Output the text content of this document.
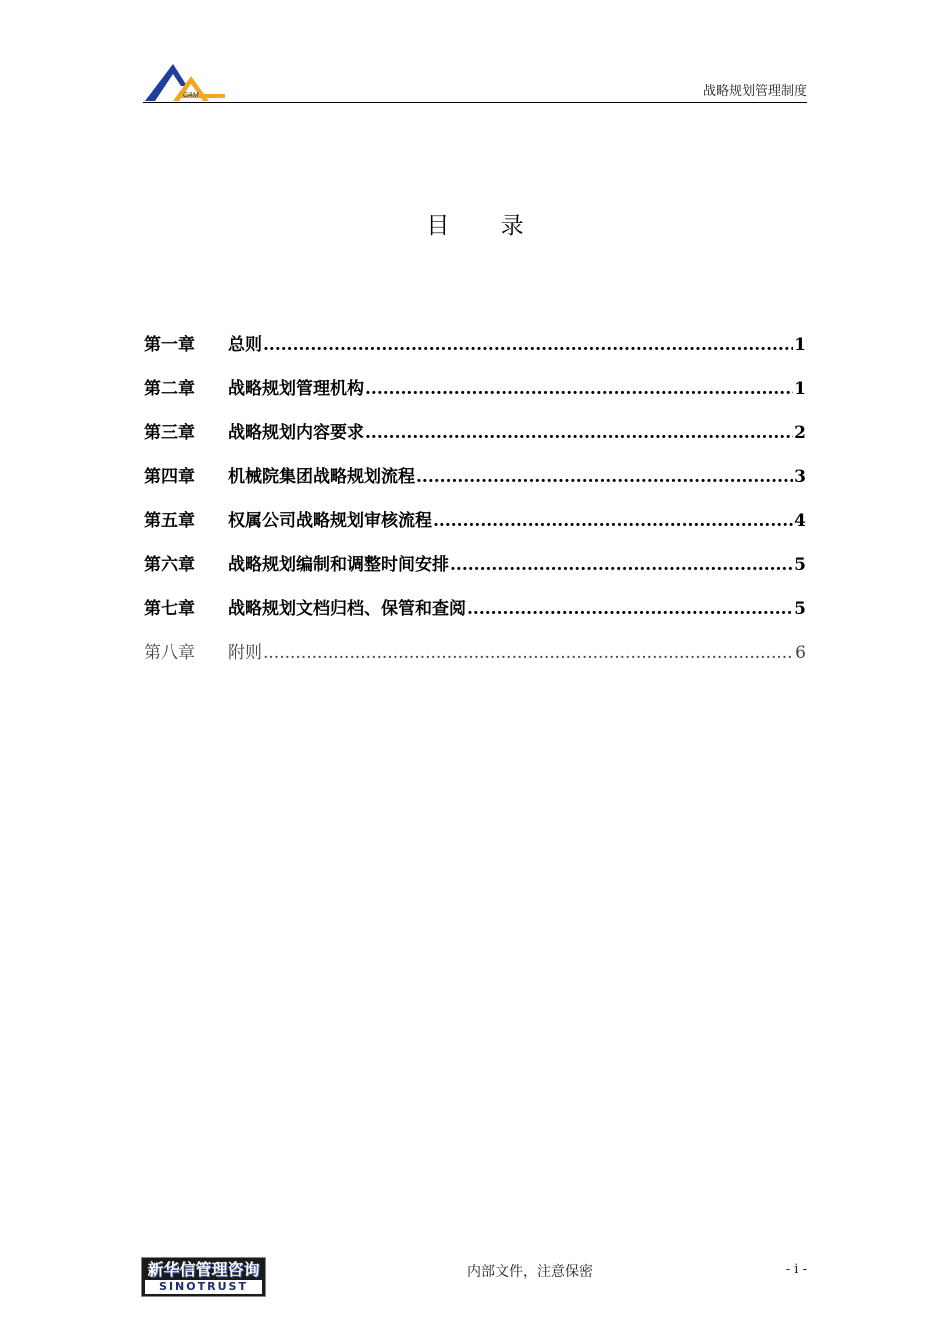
CAM	战略规划管理制度
目 录
第一章	总则 .....	1
第二章	战略规划管理机构 .....	1
第三章	战略规划内容要求 .....	2
第四章	机械院集团战略规划流程 .....	3
第五章	权属公司战略规划审核流程 .....	4
第六章	战略规划编制和调整时间安排 .....	5
第七章	战略规划文档归档、保管和查阅 .....	5
第八章	附则 .....	6
新华信管理咨询
SINOTRUST
内部文件，注意保密	- i -
